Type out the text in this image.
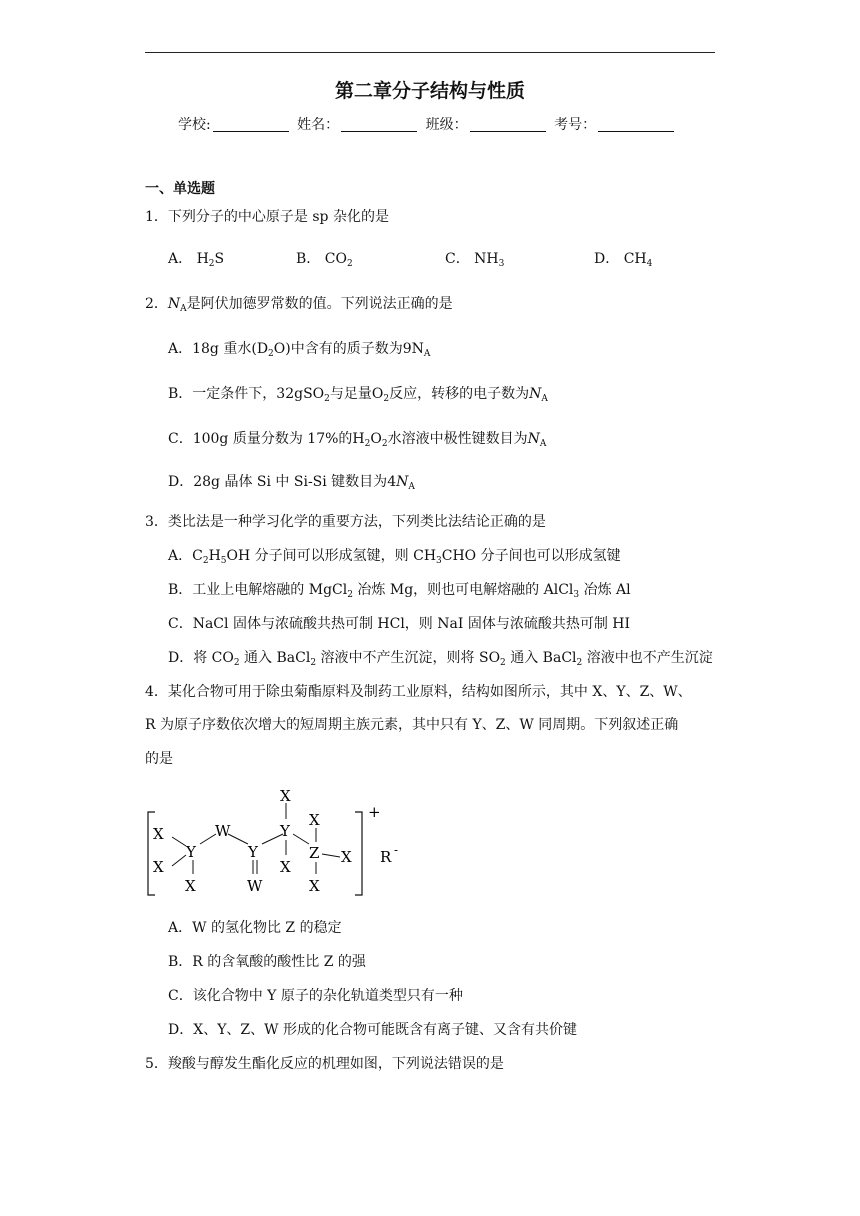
第二章分子结构与性质
学校:	姓名：	班级：	考号：
一、单选题
1．下列分子的中心原子是 sp 杂化的是
A． $H_2S$	B． $CO_2$	C． $NH_3$	D． $CH_4$
2．$N_A$是阿伏加德罗常数的值。下列说法正确的是
A．18g 重水$(D_2O)$中含有的质子数为$9N_A$
B．一定条件下，32gSO$_2$与足量$O_2$反应，转移的电子数为$N_A$
C．100g 质量分数为 17%的$H_2O_2$水溶液中极性键数目为$N_A$
D．28g 晶体 Si 中 Si-Si 键数目为$4N_A$
3．类比法是一种学习化学的重要方法，下列类比法结论正确的是
A．$C_2H_5OH$ 分子间可以形成氢键，则 $CH_3CHO$ 分子间也可以形成氢键
B．工业上电解熔融的 MgCl$_2$ 冶炼 Mg，则也可电解熔融的 AlCl$_3$ 冶炼 Al
C．NaCl 固体与浓硫酸共热可制 HCl，则 NaI 固体与浓硫酸共热可制 HI
D．将 $CO_2$ 通入 BaCl$_2$ 溶液中不产生沉淀，则将 $SO_2$ 通入 BaCl$_2$ 溶液中也不产生沉淀
4．某化合物可用于除虫菊酯原料及制药工业原料，结构如图所示，其中 X、Y、Z、W、
R 为原子序数依次增大的短周期主族元素，其中只有 Y、Z、W 同周期。下列叙述正确
的是
X
X
Y
X
W
Y
W
X
Y
X
X
Z X
X
+
R -
A．W 的氢化物比 Z 的稳定
B．R 的含氧酸的酸性比 Z 的强
C．该化合物中 Y 原子的杂化轨道类型只有一种
D．X、Y、Z、W 形成的化合物可能既含有离子键、又含有共价键
5．羧酸与醇发生酯化反应的机理如图，下列说法错误的是
